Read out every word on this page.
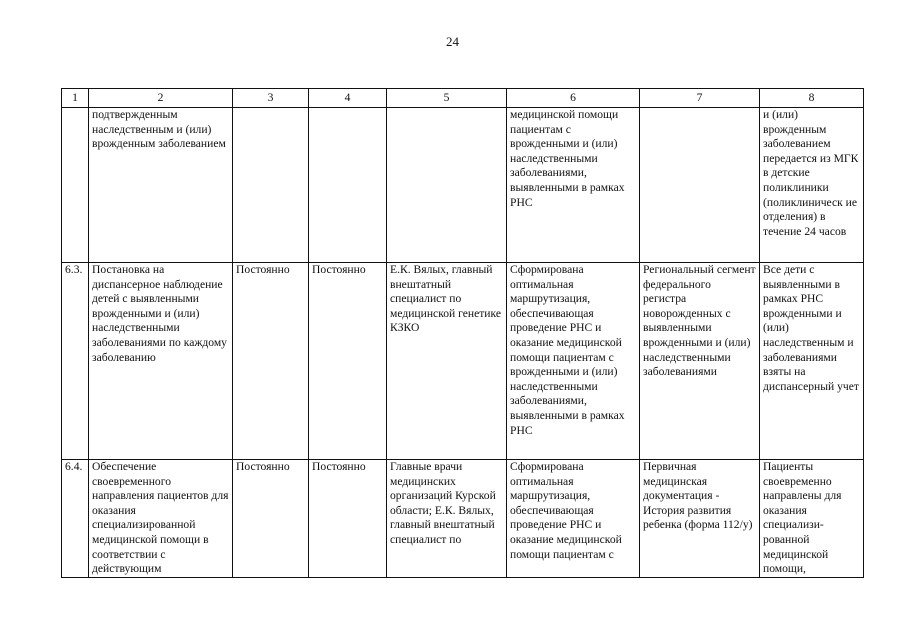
24
1	2	3	4	5	6	7	8
	подтвержденным наследственным и (или) врожденным заболеванием				медицинской помощи пациентам с врожденными и (или) наследственными заболеваниями, выявленными в рамках РНС		и (или) врожденным заболеванием передается из МГК в детские поликлиники (поликлиническ ие отделения) в течение 24 часов
6.3.	Постановка на диспансерное наблюдение детей с выявленными врожденными и (или) наследственными заболеваниями по каждому заболеванию	Постоянно	Постоянно	Е.К. Вялых, главный внештатный специалист по медицинской генетике КЗКО	Сформирована оптимальная маршрутизация, обеспечивающая проведение РНС и оказание медицинской помощи пациентам с врожденными и (или) наследственными заболеваниями, выявленными в рамках РНС	Региональный сегмент федерального регистра новорожденных с выявленными врожденными и (или) наследственными заболеваниями	Все дети с выявленными в рамках РНС врожденными и (или) наследственным и заболеваниями взяты на диспансерный учет
6.4.	Обеспечение своевременного направления пациентов для оказания специализированной медицинской помощи в соответствии с действующим	Постоянно	Постоянно	Главные врачи медицинских организаций Курской области; Е.К. Вялых, главный внештатный специалист по	Сформирована оптимальная маршрутизация, обеспечивающая проведение РНС и оказание медицинской помощи пациентам с	Первичная медицинская документация - История развития ребенка (форма 112/у)	Пациенты своевременно направлены для оказания специализи-рованной медицинской помощи,
